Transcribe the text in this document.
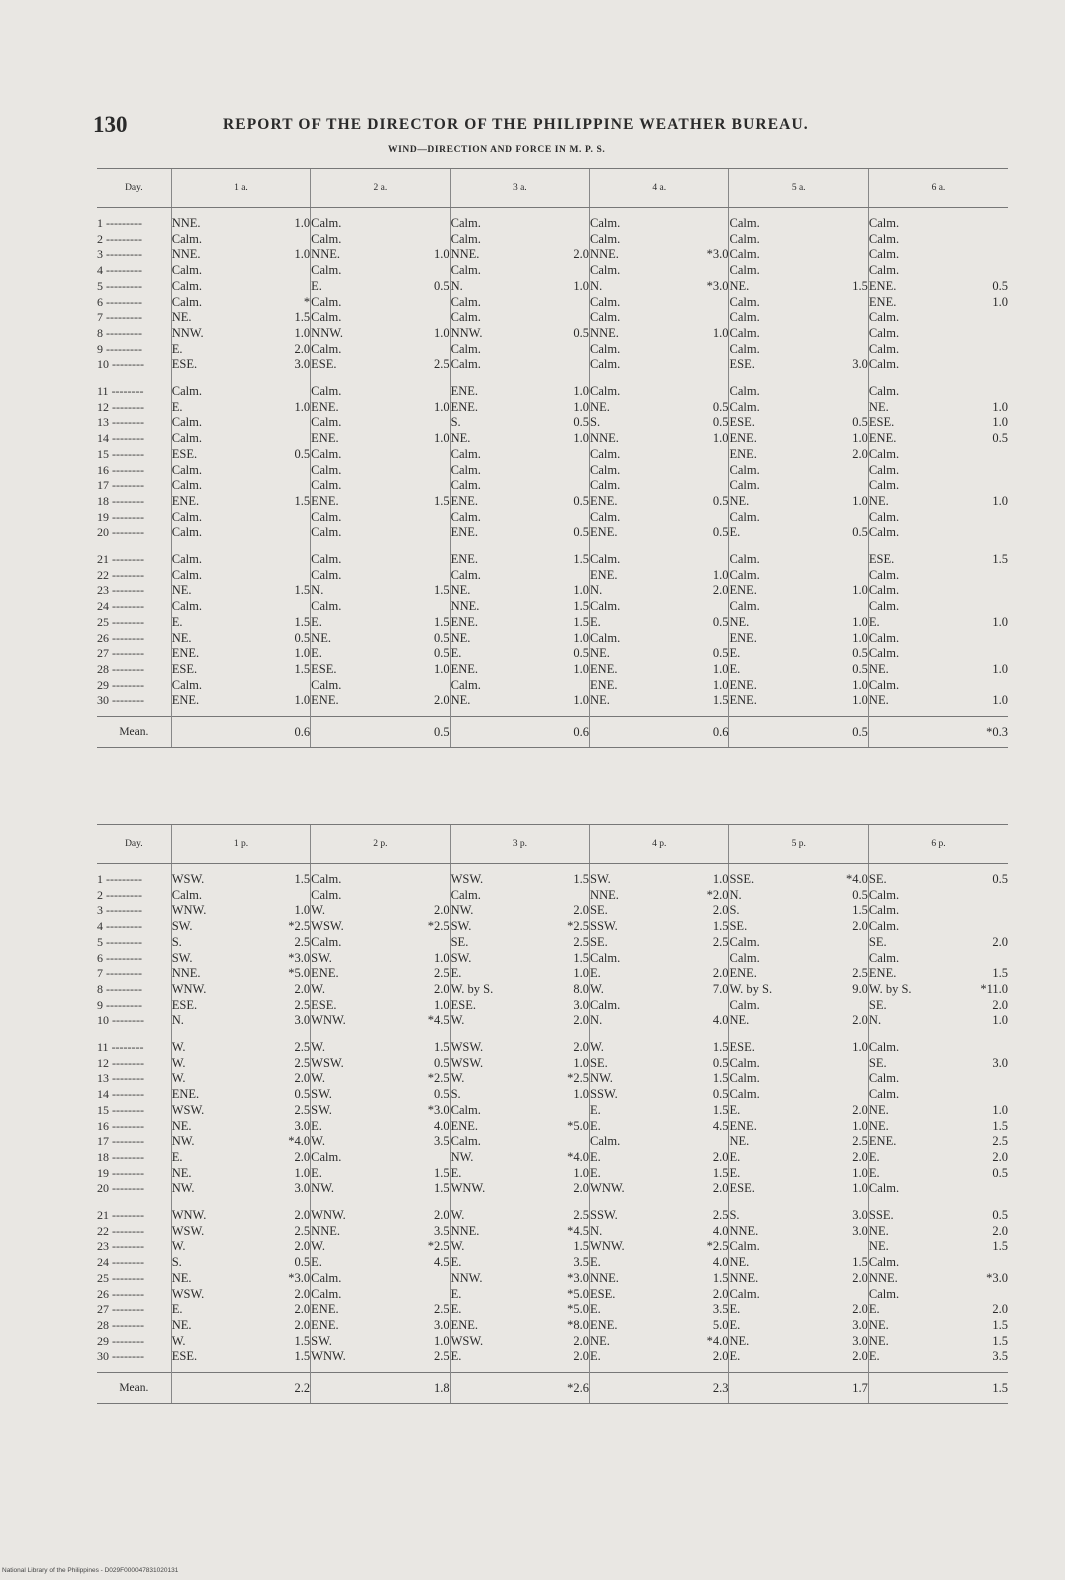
130	REPORT OF THE DIRECTOR OF THE PHILIPPINE WEATHER BUREAU.
WIND—DIRECTION AND FORCE IN M. P. S.
Day.	1 a.		2 a.		3 a.		4 a.		5 a.		6 a.	
1 ---------	NNE.	1.0	Calm.		Calm.		Calm.		Calm.		Calm.	
2 ---------	Calm.		Calm.		Calm.		Calm.		Calm.		Calm.	
3 ---------	NNE.	1.0	NNE.	1.0	NNE.	2.0	NNE.	*3.0	Calm.		Calm.	
4 ---------	Calm.		Calm.		Calm.		Calm.		Calm.		Calm.	
5 ---------	Calm.		E.	0.5	N.	1.0	N.	*3.0	NE.	1.5	ENE.	0.5
6 ---------	Calm.	*	Calm.		Calm.		Calm.		Calm.		ENE.	1.0
7 ---------	NE.	1.5	Calm.		Calm.		Calm.		Calm.		Calm.	
8 ---------	NNW.	1.0	NNW.	1.0	NNW.	0.5	NNE.	1.0	Calm.		Calm.	
9 ---------	E.	2.0	Calm.		Calm.		Calm.		Calm.		Calm.	
10 --------	ESE.	3.0	ESE.	2.5	Calm.		Calm.		ESE.	3.0	Calm.	
11 --------	Calm.		Calm.		ENE.	1.0	Calm.		Calm.		Calm.	
12 --------	E.	1.0	ENE.	1.0	ENE.	1.0	NE.	0.5	Calm.		NE.	1.0
13 --------	Calm.		Calm.		S.	0.5	S.	0.5	ESE.	0.5	ESE.	1.0
14 --------	Calm.		ENE.	1.0	NE.	1.0	NNE.	1.0	ENE.	1.0	ENE.	0.5
15 --------	ESE.	0.5	Calm.		Calm.		Calm.		ENE.	2.0	Calm.	
16 --------	Calm.		Calm.		Calm.		Calm.		Calm.		Calm.	
17 --------	Calm.		Calm.		Calm.		Calm.		Calm.		Calm.	
18 --------	ENE.	1.5	ENE.	1.5	ENE.	0.5	ENE.	0.5	NE.	1.0	NE.	1.0
19 --------	Calm.		Calm.		Calm.		Calm.		Calm.		Calm.	
20 --------	Calm.		Calm.		ENE.	0.5	ENE.	0.5	E.	0.5	Calm.	
21 --------	Calm.		Calm.		ENE.	1.5	Calm.		Calm.		ESE.	1.5
22 --------	Calm.		Calm.		Calm.		ENE.	1.0	Calm.		Calm.	
23 --------	NE.	1.5	N.	1.5	NE.	1.0	N.	2.0	ENE.	1.0	Calm.	
24 --------	Calm.		Calm.		NNE.	1.5	Calm.		Calm.		Calm.	
25 --------	E.	1.5	E.	1.5	ENE.	1.5	E.	0.5	NE.	1.0	E.	1.0
26 --------	NE.	0.5	NE.	0.5	NE.	1.0	Calm.		ENE.	1.0	Calm.	
27 --------	ENE.	1.0	E.	0.5	E.	0.5	NE.	0.5	E.	0.5	Calm.	
28 --------	ESE.	1.5	ESE.	1.0	ENE.	1.0	ENE.	1.0	E.	0.5	NE.	1.0
29 --------	Calm.		Calm.		Calm.		ENE.	1.0	ENE.	1.0	Calm.	
30 --------	ENE.	1.0	ENE.	2.0	NE.	1.0	NE.	1.5	ENE.	1.0	NE.	1.0
Mean.		0.6		0.5		0.6		0.6		0.5		*0.3
Day.	1 p.		2 p.		3 p.		4 p.		5 p.		6 p.	
1 ---------	WSW.	1.5	Calm.		WSW.	1.5	SW.	1.0	SSE.	*4.0	SE.	0.5
2 ---------	Calm.		Calm.		Calm.		NNE.	*2.0	N.	0.5	Calm.	
3 ---------	WNW.	1.0	W.	2.0	NW.	2.0	SE.	2.0	S.	1.5	Calm.	
4 ---------	SW.	*2.5	WSW.	*2.5	SW.	*2.5	SSW.	1.5	SE.	2.0	Calm.	
5 ---------	S.	2.5	Calm.		SE.	2.5	SE.	2.5	Calm.		SE.	2.0
6 ---------	SW.	*3.0	SW.	1.0	SW.	1.5	Calm.		Calm.		Calm.	
7 ---------	NNE.	*5.0	ENE.	2.5	E.	1.0	E.	2.0	ENE.	2.5	ENE.	1.5
8 ---------	WNW.	2.0	W.	2.0	W. by S.	8.0	W.	7.0	W. by S.	9.0	W. by S.	*11.0
9 ---------	ESE.	2.5	ESE.	1.0	ESE.	3.0	Calm.		Calm.		SE.	2.0
10 --------	N.	3.0	WNW.	*4.5	W.	2.0	N.	4.0	NE.	2.0	N.	1.0
11 --------	W.	2.5	W.	1.5	WSW.	2.0	W.	1.5	ESE.	1.0	Calm.	
12 --------	W.	2.5	WSW.	0.5	WSW.	1.0	SE.	0.5	Calm.		SE.	3.0
13 --------	W.	2.0	W.	*2.5	W.	*2.5	NW.	1.5	Calm.		Calm.	
14 --------	ENE.	0.5	SW.	0.5	S.	1.0	SSW.	0.5	Calm.		Calm.	
15 --------	WSW.	2.5	SW.	*3.0	Calm.		E.	1.5	E.	2.0	NE.	1.0
16 --------	NE.	3.0	E.	4.0	ENE.	*5.0	E.	4.5	ENE.	1.0	NE.	1.5
17 --------	NW.	*4.0	W.	3.5	Calm.		Calm.		NE.	2.5	ENE.	2.5
18 --------	E.	2.0	Calm.		NW.	*4.0	E.	2.0	E.	2.0	E.	2.0
19 --------	NE.	1.0	E.	1.5	E.	1.0	E.	1.5	E.	1.0	E.	0.5
20 --------	NW.	3.0	NW.	1.5	WNW.	2.0	WNW.	2.0	ESE.	1.0	Calm.	
21 --------	WNW.	2.0	WNW.	2.0	W.	2.5	SSW.	2.5	S.	3.0	SSE.	0.5
22 --------	WSW.	2.5	NNE.	3.5	NNE.	*4.5	N.	4.0	NNE.	3.0	NE.	2.0
23 --------	W.	2.0	W.	*2.5	W.	1.5	WNW.	*2.5	Calm.		NE.	1.5
24 --------	S.	0.5	E.	4.5	E.	3.5	E.	4.0	NE.	1.5	Calm.	
25 --------	NE.	*3.0	Calm.		NNW.	*3.0	NNE.	1.5	NNE.	2.0	NNE.	*3.0
26 --------	WSW.	2.0	Calm.		E.	*5.0	ESE.	2.0	Calm.		Calm.	
27 --------	E.	2.0	ENE.	2.5	E.	*5.0	E.	3.5	E.	2.0	E.	2.0
28 --------	NE.	2.0	ENE.	3.0	ENE.	*8.0	ENE.	5.0	E.	3.0	NE.	1.5
29 --------	W.	1.5	SW.	1.0	WSW.	2.0	NE.	*4.0	NE.	3.0	NE.	1.5
30 --------	ESE.	1.5	WNW.	2.5	E.	2.0	E.	2.0	E.	2.0	E.	3.5
Mean.		2.2		1.8		*2.6		2.3		1.7		1.5
National Library of the Philippines - D029F000047831020131
